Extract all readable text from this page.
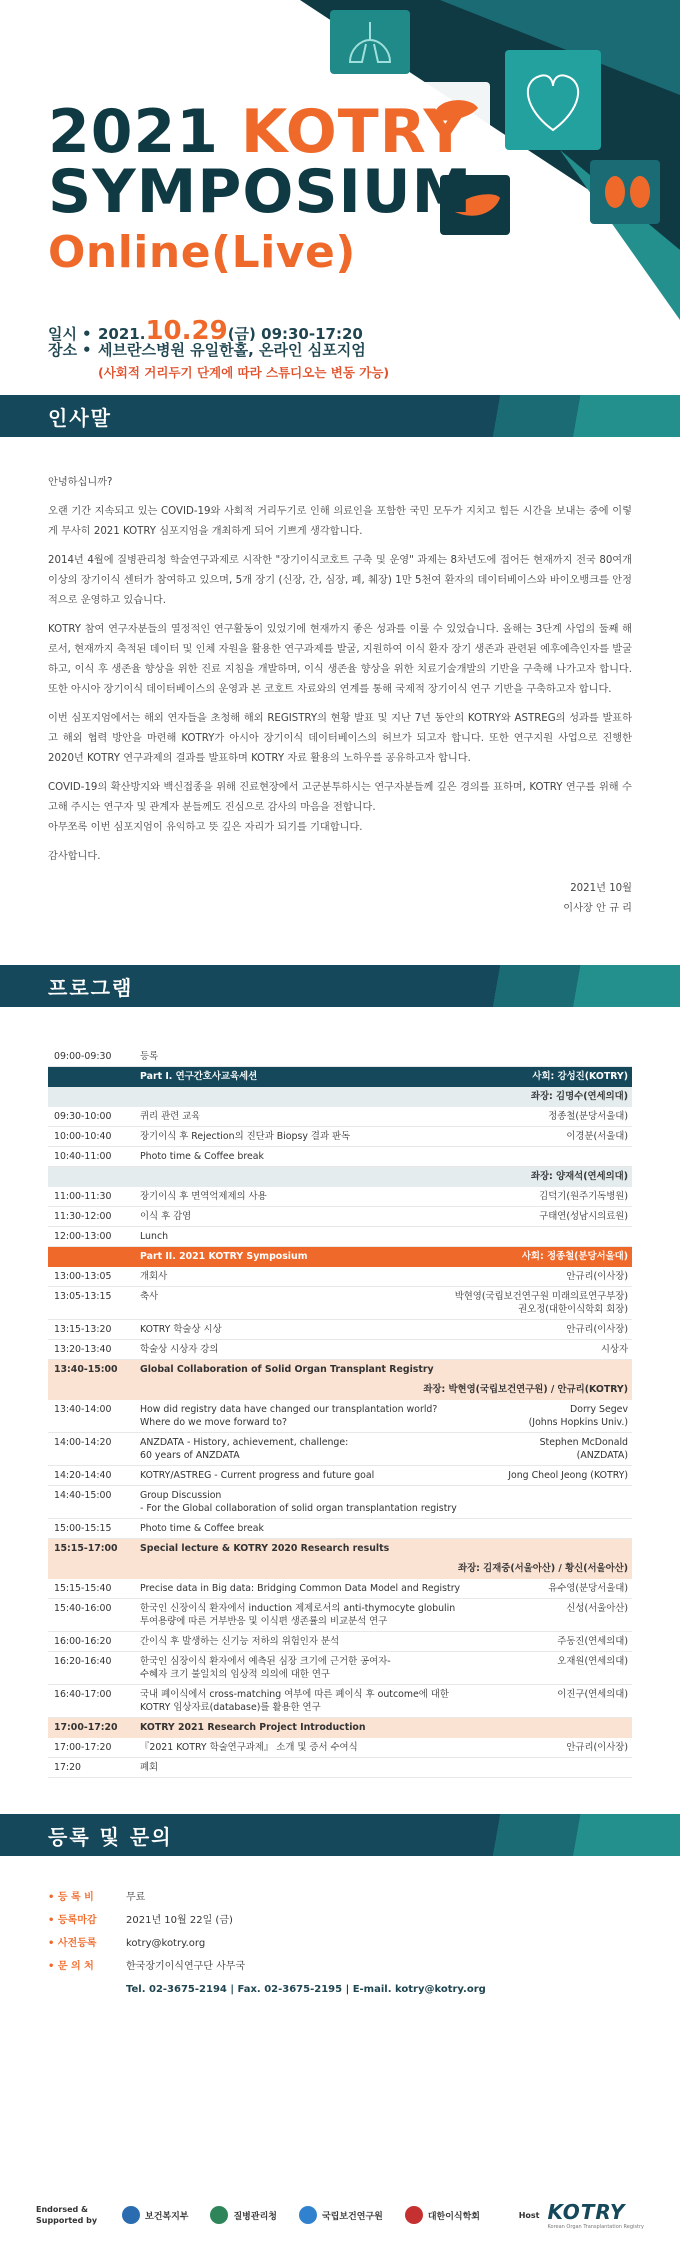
2021 KOTRY
SYMPOSIUM
Online(Live)
일시 • 2021.10.29(금) 09:30-17:20
장소 • 세브란스병원 유일한홀, 온라인 심포지엄
(사회적 거리두기 단계에 따라 스튜디오는 변동 가능)
인사말

안녕하십니까?

오랜 기간 지속되고 있는 COVID-19와 사회적 거리두기로 인해 의료인을 포함한 국민 모두가 지치고 힘든 시간을 보내는 중에 이렇게 무사히 2021 KOTRY 심포지엄을 개최하게 되어 기쁘게 생각합니다.

2014년 4월에 질병관리청 학술연구과제로 시작한 "장기이식코호트 구축 및 운영" 과제는 8차년도에 접어든 현재까지 전국 80여개 이상의 장기이식 센터가 참여하고 있으며, 5개 장기 (신장, 간, 심장, 폐, 췌장) 1만 5천여 환자의 데이터베이스와 바이오뱅크를 안정적으로 운영하고 있습니다.

KOTRY 참여 연구자분들의 열정적인 연구활동이 있었기에 현재까지 좋은 성과를 이룰 수 있었습니다. 올해는 3단계 사업의 둘째 해로서, 현재까지 축적된 데이터 및 인체 자원을 활용한 연구과제를 발굴, 지원하여 이식 환자 장기 생존과 관련된 예후예측인자를 발굴하고, 이식 후 생존율 향상을 위한 진료 지침을 개발하며, 이식 생존율 향상을 위한 치료기술개발의 기반을 구축해 나가고자 합니다. 또한 아시아 장기이식 데이터베이스의 운영과 본 코호트 자료와의 연계를 통해 국제적 장기이식 연구 기반을 구축하고자 합니다.

이번 심포지엄에서는 해외 연자들을 초청해 해외 REGISTRY의 현황 발표 및 지난 7년 동안의 KOTRY와 ASTREG의 성과를 발표하고 해외 협력 방안을 마련해 KOTRY가 아시아 장기이식 데이터베이스의 허브가 되고자 합니다. 또한 연구지원 사업으로 진행한 2020년 KOTRY 연구과제의 결과를 발표하며 KOTRY 자료 활용의 노하우를 공유하고자 합니다.

COVID-19의 확산방지와 백신접종을 위해 진료현장에서 고군분투하시는 연구자분들께 깊은 경의를 표하며, KOTRY 연구를 위해 수고해 주시는 연구자 및 관계자 분들께도 진심으로 감사의 마음을 전합니다.
아무쪼록 이번 심포지엄이 유익하고 뜻 깊은 자리가 되기를 기대합니다.

감사합니다.

2021년 10월
이사장 안 규 리
프로그램
09:00-09:30	등록
Part I. 연구간호사교육세션	사회: 강성진(KOTRY)
좌장: 김명수(연세의대)
09:30-10:00	퀴리 관련 교육	정종철(분당서울대)
10:00-10:40	장기이식 후 Rejection의 진단과 Biopsy 결과 판독	이경분(서울대)
10:40-11:00	Photo time & Coffee break
좌장: 양재석(연세의대)
11:00-11:30	장기이식 후 면역억제제의 사용	김덕기(원주기독병원)
11:30-12:00	이식 후 감염	구태연(성남시의료원)
12:00-13:00	Lunch
Part II. 2021 KOTRY Symposium	사회: 정종철(분당서울대)
13:00-13:05	개회사	안규리(이사장)
13:05-13:15	축사	박현영(국립보건연구원 미래의료연구부장)
권오정(대한이식학회 회장)
13:15-13:20	KOTRY 학술상 시상	안규리(이사장)
13:20-13:40	학술상 시상자 강의	시상자
13:40-15:00	Global Collaboration of Solid Organ Transplant Registry
좌장: 박현영(국립보건연구원) / 안규리(KOTRY)
13:40-14:00	How did registry data have changed our transplantation world?
Where do we move forward to?
Dorry Segev
(Johns Hopkins Univ.)
14:00-14:20	ANZDATA - History, achievement, challenge:
60 years of ANZDATA
Stephen McDonald
(ANZDATA)
14:20-14:40	KOTRY/ASTREG - Current progress and future goal	Jong Cheol Jeong (KOTRY)
14:40-15:00	Group Discussion
- For the Global collaboration of solid organ transplantation registry
15:00-15:15	Photo time & Coffee break
15:15-17:00	Special lecture & KOTRY 2020 Research results
좌장: 김재중(서울아산) / 황신(서울아산)
15:15-15:40	Precise data in Big data: Bridging Common Data Model and Registry	유수영(분당서울대)
15:40-16:00	한국인 신장이식 환자에서 induction 제제로서의 anti-thymocyte globulin
투여용량에 따른 거부반응 및 이식편 생존률의 비교분석 연구
신성(서울아산)
16:00-16:20	간이식 후 발생하는 신기능 저하의 위험인자 분석	주동진(연세의대)
16:20-16:40	한국인 심장이식 환자에서 예측된 심장 크기에 근거한 공여자-
수혜자 크기 불일치의 임상적 의의에 대한 연구
오재원(연세의대)
16:40-17:00	국내 폐이식에서 cross-matching 여부에 따른 폐이식 후 outcome에 대한
KOTRY 임상자료(database)를 활용한 연구
이진구(연세의대)
17:00-17:20	KOTRY 2021 Research Project Introduction
17:00-17:20	『2021 KOTRY 학술연구과제』 소개 및 증서 수여식	안규리(이사장)
17:20	폐회
등록 및 문의
• 등 록 비	무료
• 등록마감	2021년 10월 22일 (금)
• 사전등록	kotry@kotry.org
• 문 의 처	한국장기이식연구단 사무국
Tel. 02-3675-2194 | Fax. 02-3675-2195 | E-mail. kotry@kotry.org
Endorsed & Supported by	보건복지부	질병관리청	국립보건연구원	대한이식학회	Host KOTRY
Korean Organ Transplantation Registry
